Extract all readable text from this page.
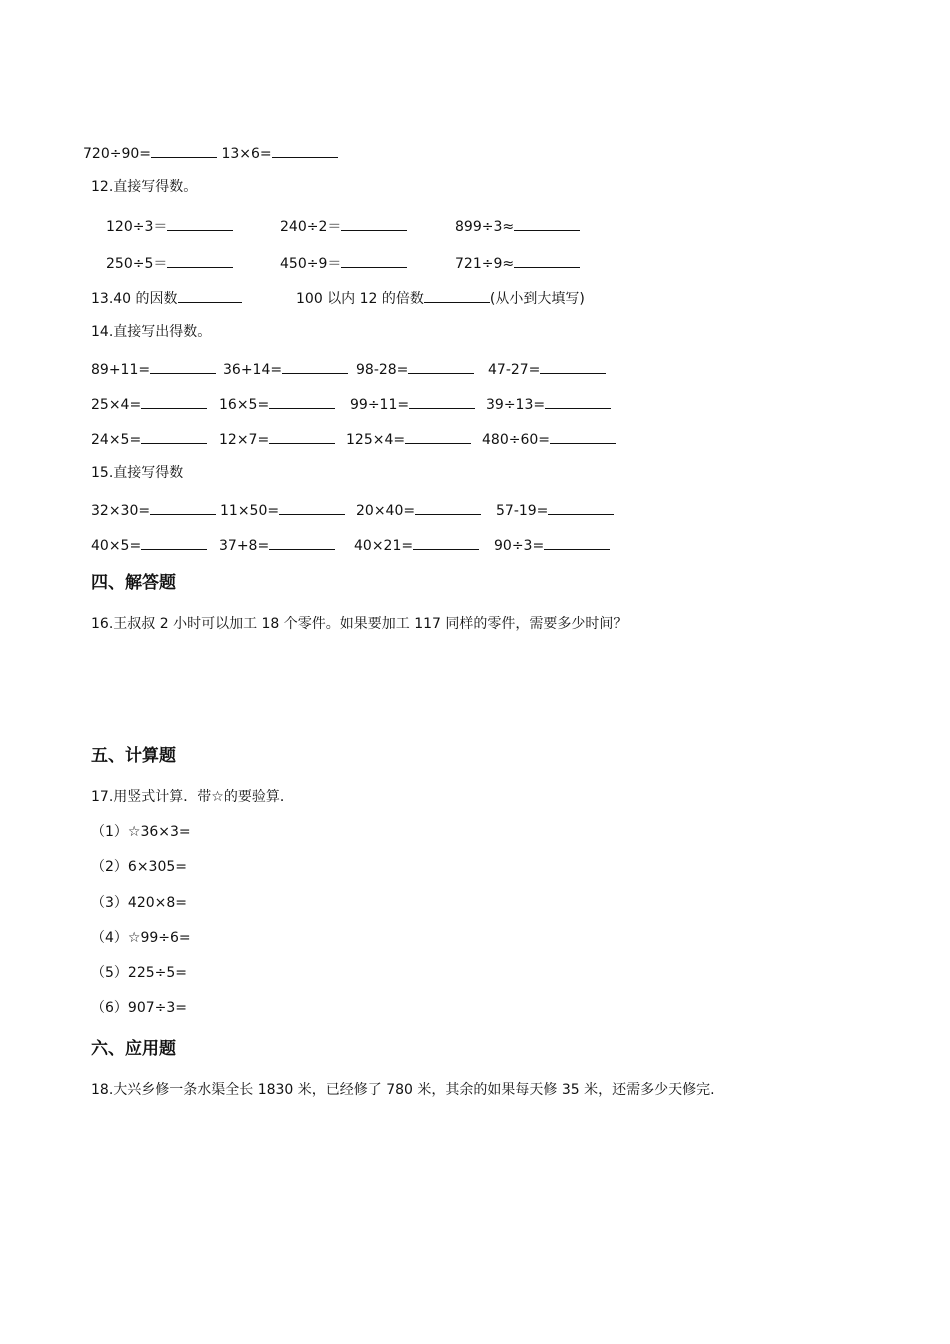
720÷90=	13×6=
12.直接写得数。
120÷3＝	240÷2＝	899÷3≈
250÷5＝	450÷9＝	721÷9≈
13.40 的因数	100 以内 12 的倍数	(从小到大填写)
14.直接写出得数。
89+11=	36+14=	98-28=	47-27=
25×4=	16×5=	99÷11=	39÷13=
24×5=	12×7=	125×4=	480÷60=
15.直接写得数
32×30=	11×50=	20×40=	57-19=
40×5=	37+8=	40×21=	90÷3=
四、解答题
16.王叔叔 2 小时可以加工 18 个零件。如果要加工 117 同样的零件，需要多少时间？
五、计算题
17.用竖式计算．带☆的要验算．
（1）☆36×3=
（2）6×305=
（3）420×8=
（4）☆99÷6=
（5）225÷5=
（6）907÷3=
六、应用题
18.大兴乡修一条水渠全长 1830 米，已经修了 780 米，其余的如果每天修 35 米，还需多少天修完.
